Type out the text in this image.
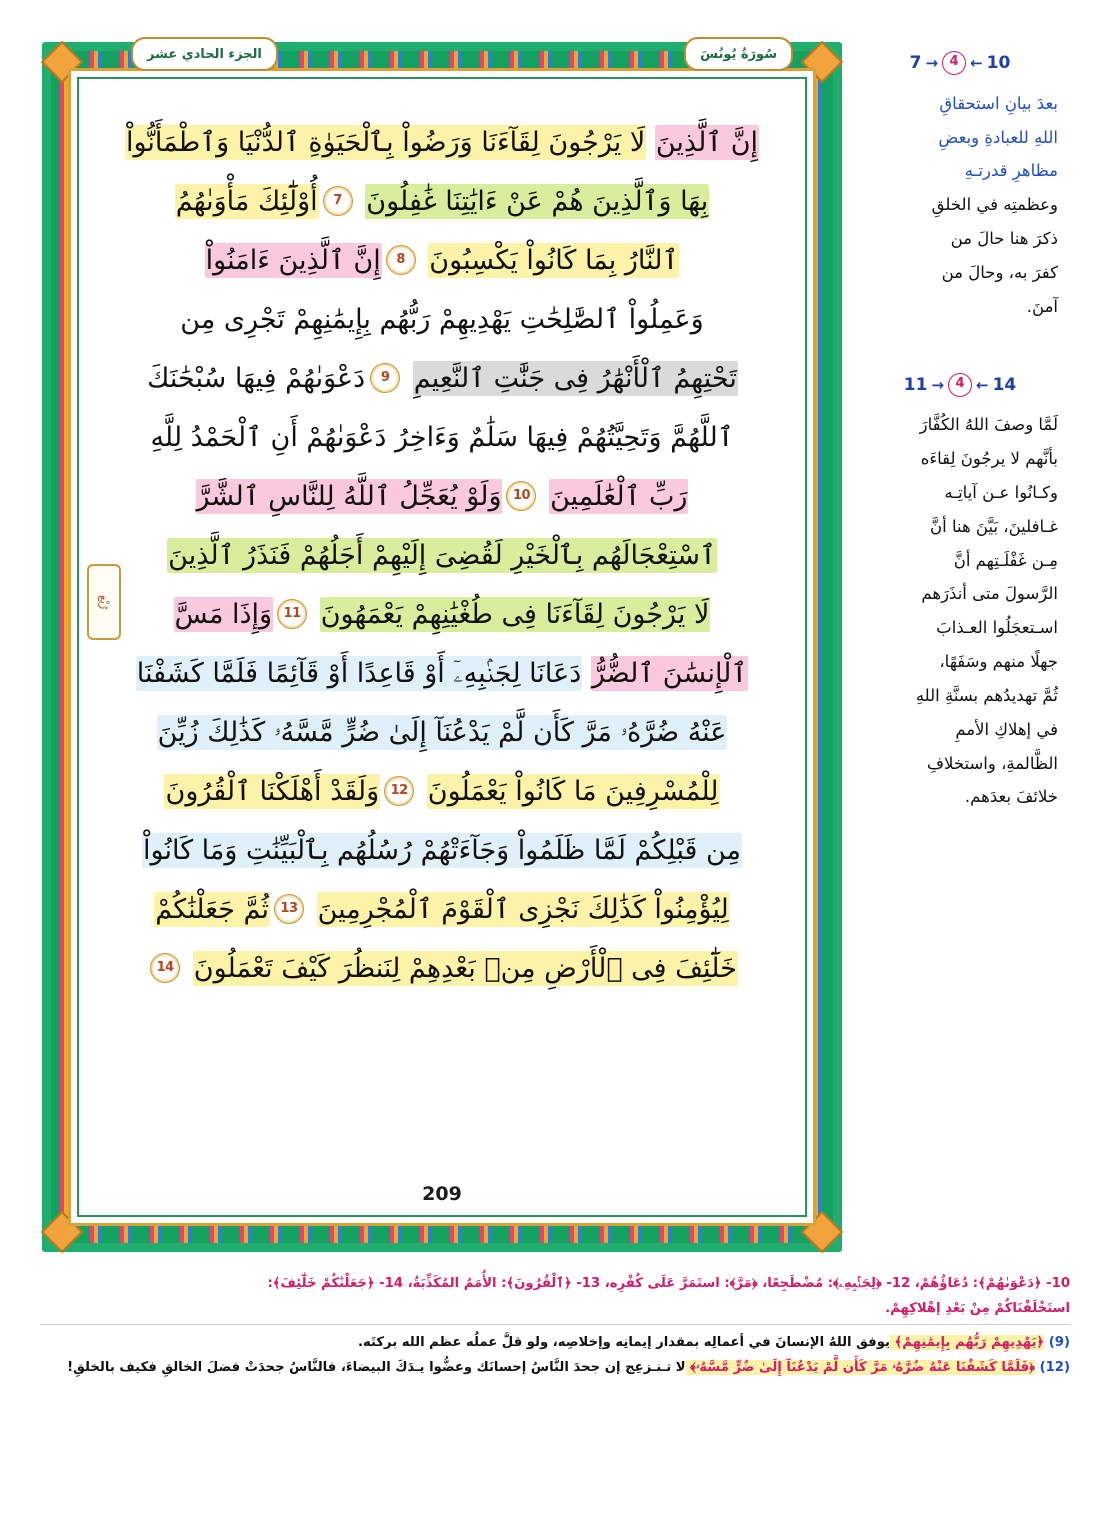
رُبْع
إِنَّ ٱلَّذِينَ لَا يَرْجُونَ لِقَآءَنَا وَرَضُواْ بِٱلْحَيَوٰةِ ٱلدُّنْيَا وَٱطْمَأَنُّواْ
بِهَا وَٱلَّذِينَ هُمْ عَنْ ءَايَٰتِنَا غَٰفِلُونَ 7أُوْلَٰٓئِكَ مَأْوَىٰهُمُ
ٱلنَّارُ بِمَا كَانُواْ يَكْسِبُونَ 8إِنَّ ٱلَّذِينَ ءَامَنُواْ
وَعَمِلُواْ ٱلصَّٰلِحَٰتِ يَهْدِيهِمْ رَبُّهُم بِإِيمَٰنِهِمْ تَجْرِى مِن
تَحْتِهِمُ ٱلْأَنْهَٰرُ فِى جَنَّٰتِ ٱلنَّعِيمِ 9دَعْوَىٰهُمْ فِيهَا سُبْحَٰنَكَ
ٱللَّهُمَّ وَتَحِيَّتُهُمْ فِيهَا سَلَٰمٌ وَءَاخِرُ دَعْوَىٰهُمْ أَنِ ٱلْحَمْدُ لِلَّهِ
رَبِّ ٱلْعَٰلَمِينَ 10وَلَوْ يُعَجِّلُ ٱللَّهُ لِلنَّاسِ ٱلشَّرَّ
ٱسْتِعْجَالَهُم بِٱلْخَيْرِ لَقُضِىَ إِلَيْهِمْ أَجَلُهُمْ فَنَذَرُ ٱلَّذِينَ
لَا يَرْجُونَ لِقَآءَنَا فِى طُغْيَٰنِهِمْ يَعْمَهُونَ 11وَإِذَا مَسَّ
ٱلْإِنسَٰنَ ٱلضُّرُّ دَعَانَا لِجَنۢبِهِۦٓ أَوْ قَاعِدًا أَوْ قَآئِمًا فَلَمَّا كَشَفْنَا
عَنْهُ ضُرَّهُۥ مَرَّ كَأَن لَّمْ يَدْعُنَآ إِلَىٰ ضُرٍّ مَّسَّهُۥ كَذَٰلِكَ زُيِّنَ
لِلْمُسْرِفِينَ مَا كَانُواْ يَعْمَلُونَ 12وَلَقَدْ أَهْلَكْنَا ٱلْقُرُونَ
مِن قَبْلِكُمْ لَمَّا ظَلَمُواْ وَجَآءَتْهُمْ رُسُلُهُم بِٱلْبَيِّنَٰتِ وَمَا كَانُواْ
لِيُؤْمِنُواْ كَذَٰلِكَ نَجْزِى ٱلْقَوْمَ ٱلْمُجْرِمِينَ 13ثُمَّ جَعَلْنَٰكُمْ
خَلَٰٓئِفَ فِى ٱلْأَرْضِ مِنۢ بَعْدِهِمْ لِنَنظُرَ كَيْفَ تَعْمَلُونَ 14
209
سُورَةُ يُونُسَ
الجزء الحادي عشر	10
←
4
→
7

بعدَ بيانِ استحقاقِ

اللهِ للعبادةِ وبعضِ

مظاهرِ قدرتـهِ

وعظمتِه في الخلقِ

ذكرَ هنا حالَ من

كفرَ به، وحالَ من

آمنَ.

14
←
4
→
11

لَمَّا وصفَ اللهُ الكُفَّارَ

بأنَّهم لا يرجُونَ لِقاءَه

وكـانُوا عـن آياتِـه

غـافلينَ، بَيَّنَ هنا أنَّ

مِـن غَفْلَـتِهم أنَّ

الرَّسولَ متى أنذَرَهم

اسـتعجَلُوا العـذابَ

جهلًا منهم وسَفَهًا،

ثُمَّ تهديدُهم بسنَّةِ اللهِ

في إهلاكِ الأممِ

الظَّالمةِ، واستخلافِ

خلائفَ بعدَهم.

10- ﴿دَعْوَىٰهُمْ﴾: دُعَاؤُهُمْ، 12- ﴿لِجَنۢبِهِۦ﴾: مُضْطَجِعًا، ﴿مَرَّ﴾: استَمَرَّ عَلَى كُفْرِه، 13- ﴿ٱلْقُرُونَ﴾: الأُمَمُ المُكَذِّبَةُ، 14- ﴿جَعَلْنَٰكُمْ خَلَٰٓئِفَ﴾:
استَخْلَفْنَاكُمْ مِنْ بَعْدِ إهْلاكِهِمْ.
(9) ﴿يَهْدِيهِمْ رَبُّهُم بِإِيمَٰنِهِمْ﴾ يوفق اللهُ الإنسانَ في أعمالِه بمقدار إيمانِه وإخلاصِه، ولو قلَّ عملُه عظم الله بركتَه.
(12) ﴿فَلَمَّا كَشَفْنَا عَنْهُ ضُرَّهُۥ مَرَّ كَأَن لَّمْ يَدْعُنَآ إِلَىٰ ضُرٍّ مَّسَّهُۥ﴾ لا تـنـزعِج إن جحدَ النَّاسُ إحسانَك وعضُّوا يـدَكَ البيضاءَ، فالنَّاسُ جحدَتْ فضلَ الخالقِ فكيف بالخلقِ!
